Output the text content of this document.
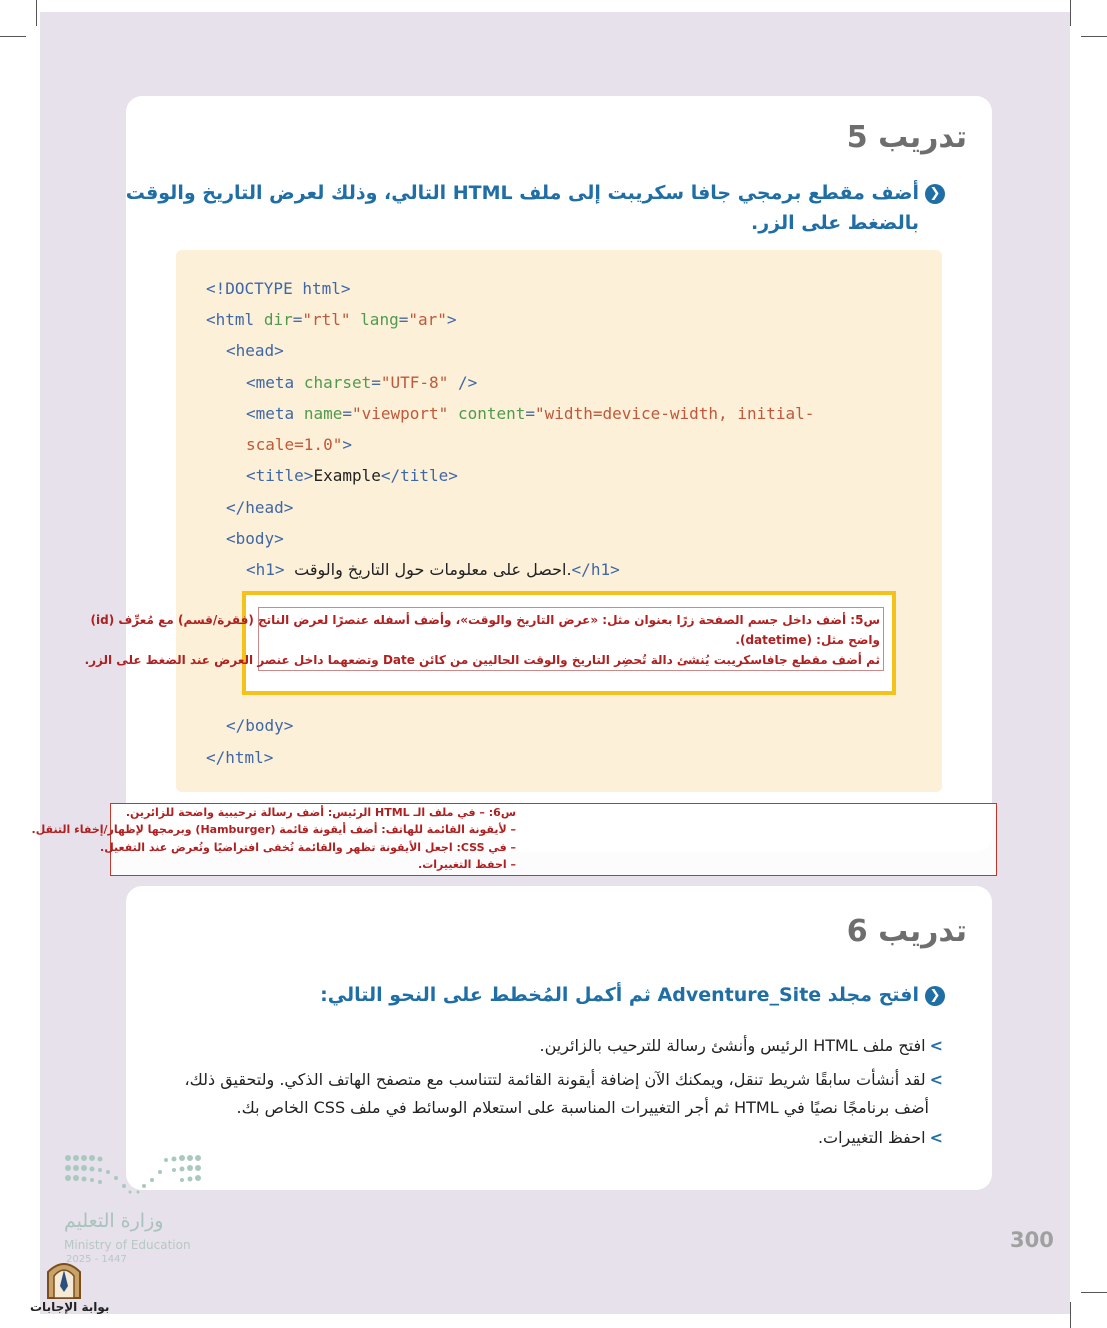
تدريب 5
❮أضف مقطع برمجي جافا سكريبت إلى ملف HTML التالي، وذلك لعرض التاريخ والوقت
بالضغط على الزر.
<!DOCTYPE html>
<html dir="rtl" lang="ar">
<head>
<meta charset="UTF-8" />
<meta name="viewport" content="width=device-width, initial-
scale=1.0">
<title>Example</title>
</head>
<body>
<h1> احصل على معلومات حول التاريخ والوقت.</h1>
</body>
</html>
س5: أضف داخل جسم الصفحة زرًا بعنوان مثل: «عرض التاريخ والوقت»، وأضف أسفله عنصرًا لعرض الناتج (فقرة/قسم) مع مُعرِّف (id)
واضح مثل: (datetime).
ثم أضف مقطع جافاسكريبت يُنشئ دالة تُحضِر التاريخ والوقت الحاليين من كائن Date وتضعهما داخل عنصر العرض عند الضغط على الزر.
س6: – في ملف الـ HTML الرئيس: أضف رسالة ترحيبية واضحة للزائرين.
– لأيقونة القائمة للهاتف: أضف أيقونة قائمة (Hamburger) وبرمجها لإظهار/إخفاء التنقل.
– في CSS: اجعل الأيقونة تظهر والقائمة تُخفى افتراضيًا وتُعرض عند التفعيل.
– احفظ التغييرات.
تدريب 6
❮افتح مجلد Adventure_Site ثم أكمل المُخطط على النحو التالي:
>افتح ملف HTML الرئيس وأنشئ رسالة للترحيب بالزائرين.
>لقد أنشأت سابقًا شريط تنقل، ويمكنك الآن إضافة أيقونة القائمة لتتناسب مع متصفح الهاتف الذكي. ولتحقيق ذلك،
أضف برنامجًا نصيًا في HTML ثم أجر التغييرات المناسبة على استعلام الوسائط في ملف CSS الخاص بك.
>احفظ التغييرات.
300
وزارة التعليم
Ministry of Education
2025 - 1447
بوابة الإجابات
